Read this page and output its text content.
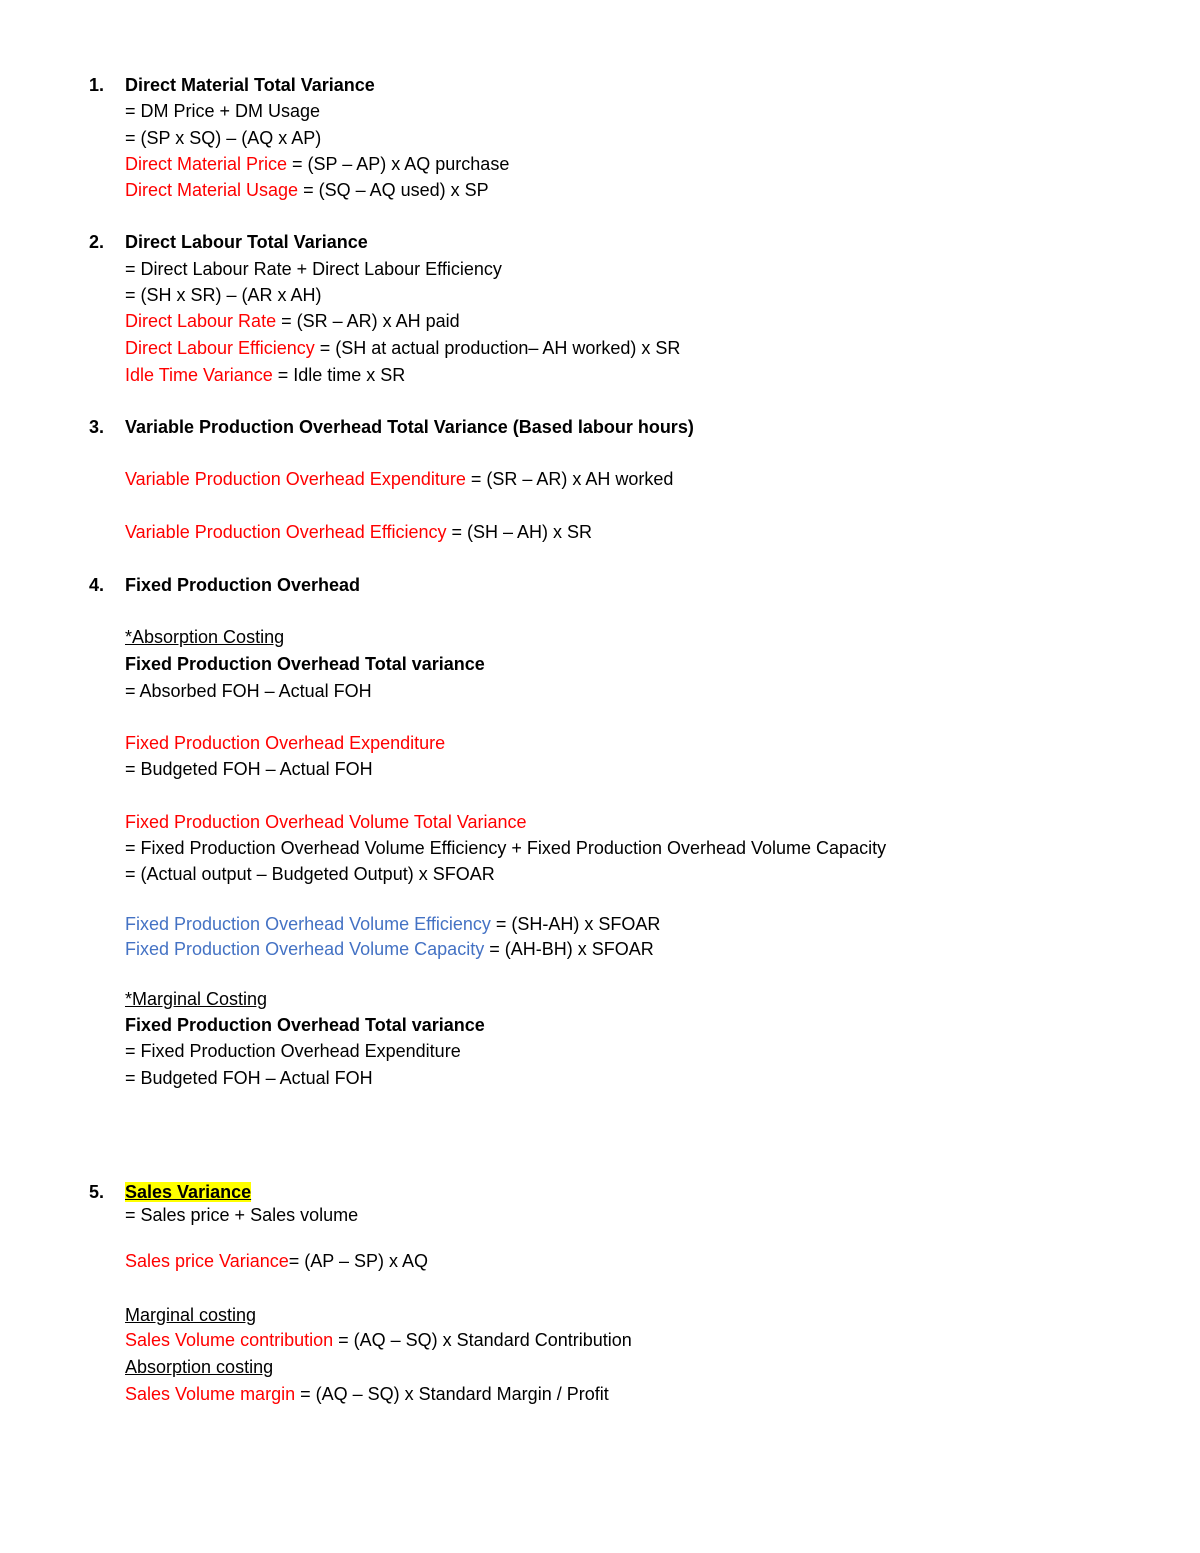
1. Direct Material Total Variance
= DM Price + DM Usage
= (SP x SQ) – (AQ x AP)
Direct Material Price = (SP – AP) x AQ purchase
Direct Material Usage = (SQ – AQ used) x SP
2. Direct Labour Total Variance
= Direct Labour Rate + Direct Labour Efficiency
= (SH x SR) – (AR x AH)
Direct Labour Rate = (SR – AR) x AH paid
Direct Labour Efficiency = (SH at actual production– AH worked) x SR
Idle Time Variance = Idle time x SR
3. Variable Production Overhead Total Variance (Based labour hours)
Variable Production Overhead Expenditure = (SR – AR) x AH worked
Variable Production Overhead Efficiency = (SH – AH) x SR
4. Fixed Production Overhead
*Absorption Costing
Fixed Production Overhead Total variance
= Absorbed FOH – Actual FOH
Fixed Production Overhead Expenditure
= Budgeted FOH – Actual FOH
Fixed Production Overhead Volume Total Variance
= Fixed Production Overhead Volume Efficiency + Fixed Production Overhead Volume Capacity
= (Actual output – Budgeted Output) x SFOAR
Fixed Production Overhead Volume Efficiency = (SH-AH) x SFOAR
Fixed Production Overhead Volume Capacity = (AH-BH) x SFOAR
*Marginal Costing
Fixed Production Overhead Total variance
= Fixed Production Overhead Expenditure
= Budgeted FOH – Actual FOH
5. Sales Variance
= Sales price + Sales volume
Sales price Variance= (AP – SP) x AQ
Marginal costing
Sales Volume contribution = (AQ – SQ) x Standard Contribution
Absorption costing
Sales Volume margin = (AQ – SQ) x Standard Margin / Profit
